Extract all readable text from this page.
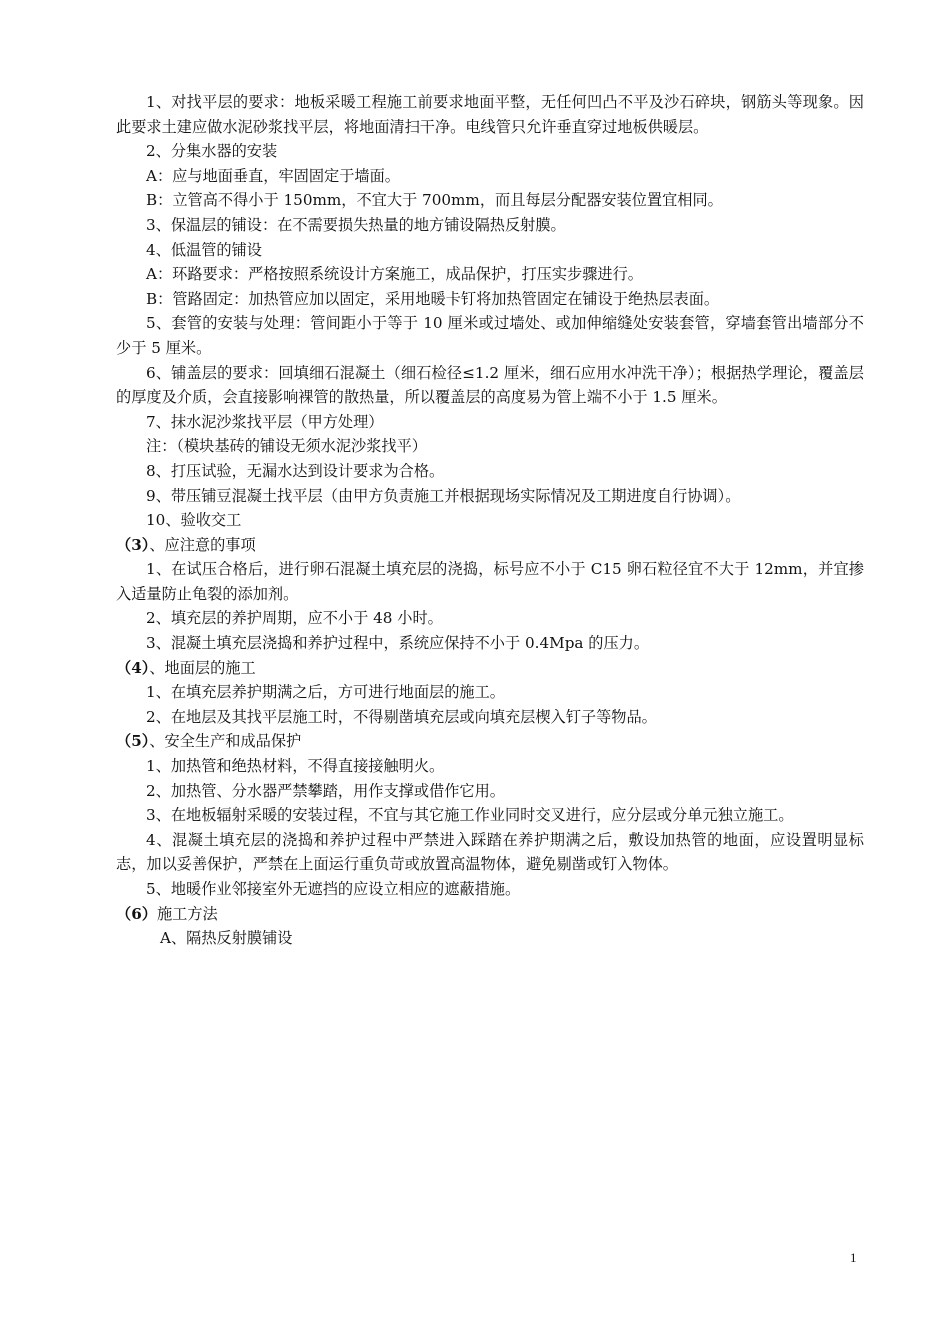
1、对找平层的要求：地板采暖工程施工前要求地面平整，无任何凹凸不平及沙石碎块，钢筋头等现象。因此要求土建应做水泥砂浆找平层，将地面清扫干净。电线管只允许垂直穿过地板供暖层。

2、分集水器的安装

A：应与地面垂直，牢固固定于墙面。

B：立管高不得小于 150mm，不宜大于 700mm，而且每层分配器安装位置宜相同。

3、保温层的铺设：在不需要损失热量的地方铺设隔热反射膜。

4、低温管的铺设

A：环路要求：严格按照系统设计方案施工，成品保护，打压实步骤进行。

B：管路固定：加热管应加以固定，采用地暖卡钉将加热管固定在铺设于绝热层表面。

5、套管的安装与处理：管间距小于等于 10 厘米或过墙处、或加伸缩缝处安装套管，穿墙套管出墙部分不少于 5 厘米。

6、铺盖层的要求：回填细石混凝土（细石检径≤1.2 厘米，细石应用水冲洗干净）；根据热学理论，覆盖层的厚度及介质，会直接影响裸管的散热量，所以覆盖层的高度易为管上端不小于 1.5 厘米。

7、抹水泥沙浆找平层（甲方处理）

注：（模块基砖的铺设无须水泥沙浆找平）

8、打压试验，无漏水达到设计要求为合格。

9、带压铺豆混凝土找平层（由甲方负责施工并根据现场实际情况及工期进度自行协调）。

10、验收交工

（3）、应注意的事项

1、在试压合格后，进行卵石混凝土填充层的浇捣，标号应不小于 C15 卵石粒径宜不大于 12mm，并宜掺入适量防止龟裂的添加剂。

2、填充层的养护周期，应不小于 48 小时。

3、混凝土填充层浇捣和养护过程中，系统应保持不小于 0.4Mpa 的压力。

（4）、地面层的施工

1、在填充层养护期满之后，方可进行地面层的施工。

2、在地层及其找平层施工时，不得剔凿填充层或向填充层楔入钉子等物品。

（5）、安全生产和成品保护

1、加热管和绝热材料，不得直接接触明火。

2、加热管、分水器严禁攀踏，用作支撑或借作它用。

3、在地板辐射采暖的安装过程，不宜与其它施工作业同时交叉进行，应分层或分单元独立施工。

4、混凝土填充层的浇捣和养护过程中严禁进入踩踏在养护期满之后，敷设加热管的地面，应设置明显标志，加以妥善保护，严禁在上面运行重负苛或放置高温物体，避免剔凿或钉入物体。

5、地暖作业邻接室外无遮挡的应设立相应的遮蔽措施。

（6）施工方法

A、隔热反射膜铺设

1
